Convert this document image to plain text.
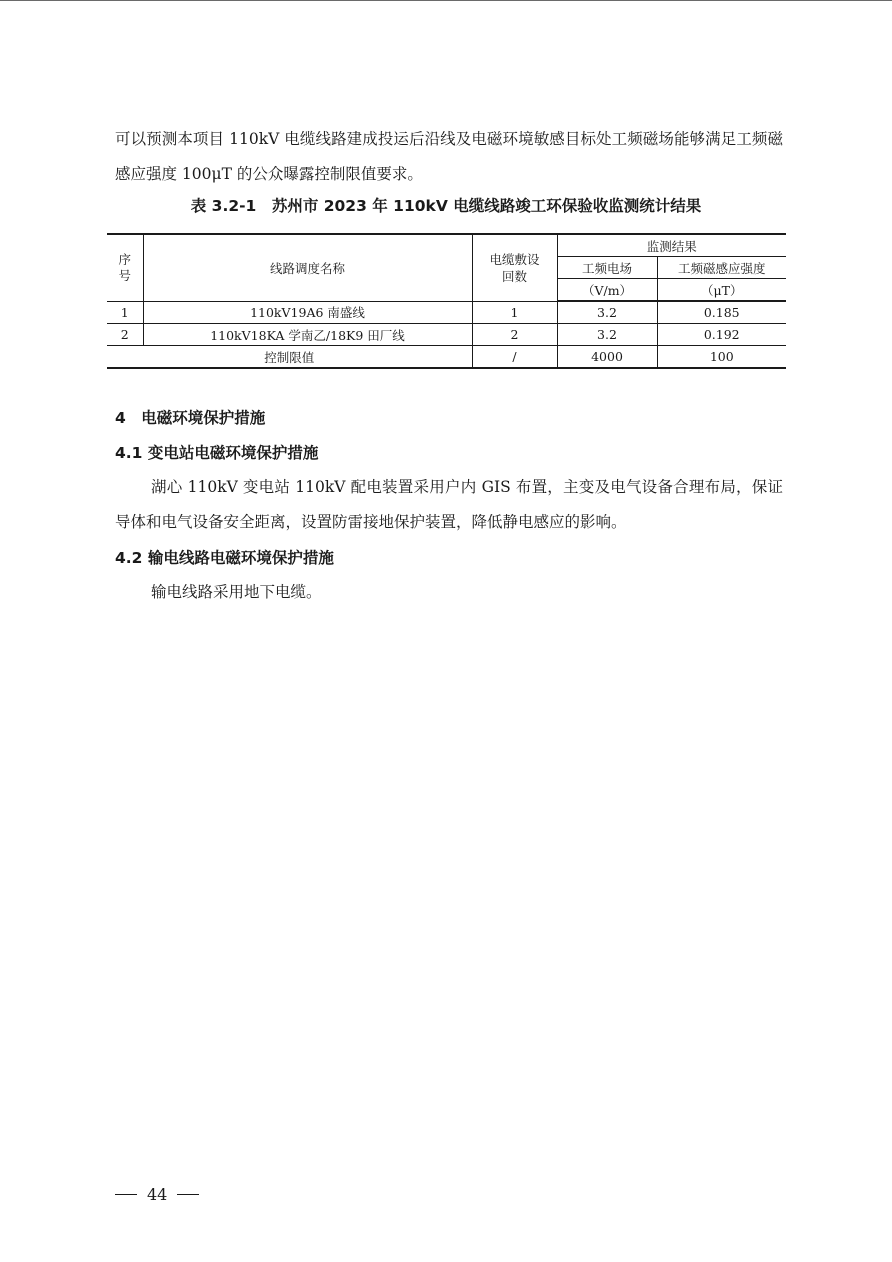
可以预测本项目 110kV 电缆线路建成投运后沿线及电磁环境敏感目标处工频磁场能够满足工频磁感应强度 100μT 的公众曝露控制限值要求。

表 3.2-1　苏州市 2023 年 110kV 电缆线路竣工环保验收监测统计结果
序号	线路调度名称	电缆敷设回数	监测结果	
			工频电场	工频磁感应强度
			（V/m）	（μT）
1	110kV19A6 南盛线	1	3.2	0.185
2	110kV18KA 学南乙/18K9 田厂线	2	3.2	0.192
控制限值		/	4000	100
4　电磁环境保护措施
4.1 变电站电磁环境保护措施

湖心 110kV 变电站 110kV 配电装置采用户内 GIS 布置，主变及电气设备合理布局，保证导体和电气设备安全距离，设置防雷接地保护装置，降低静电感应的影响。

4.2 输电线路电磁环境保护措施

输电线路采用地下电缆。

44
